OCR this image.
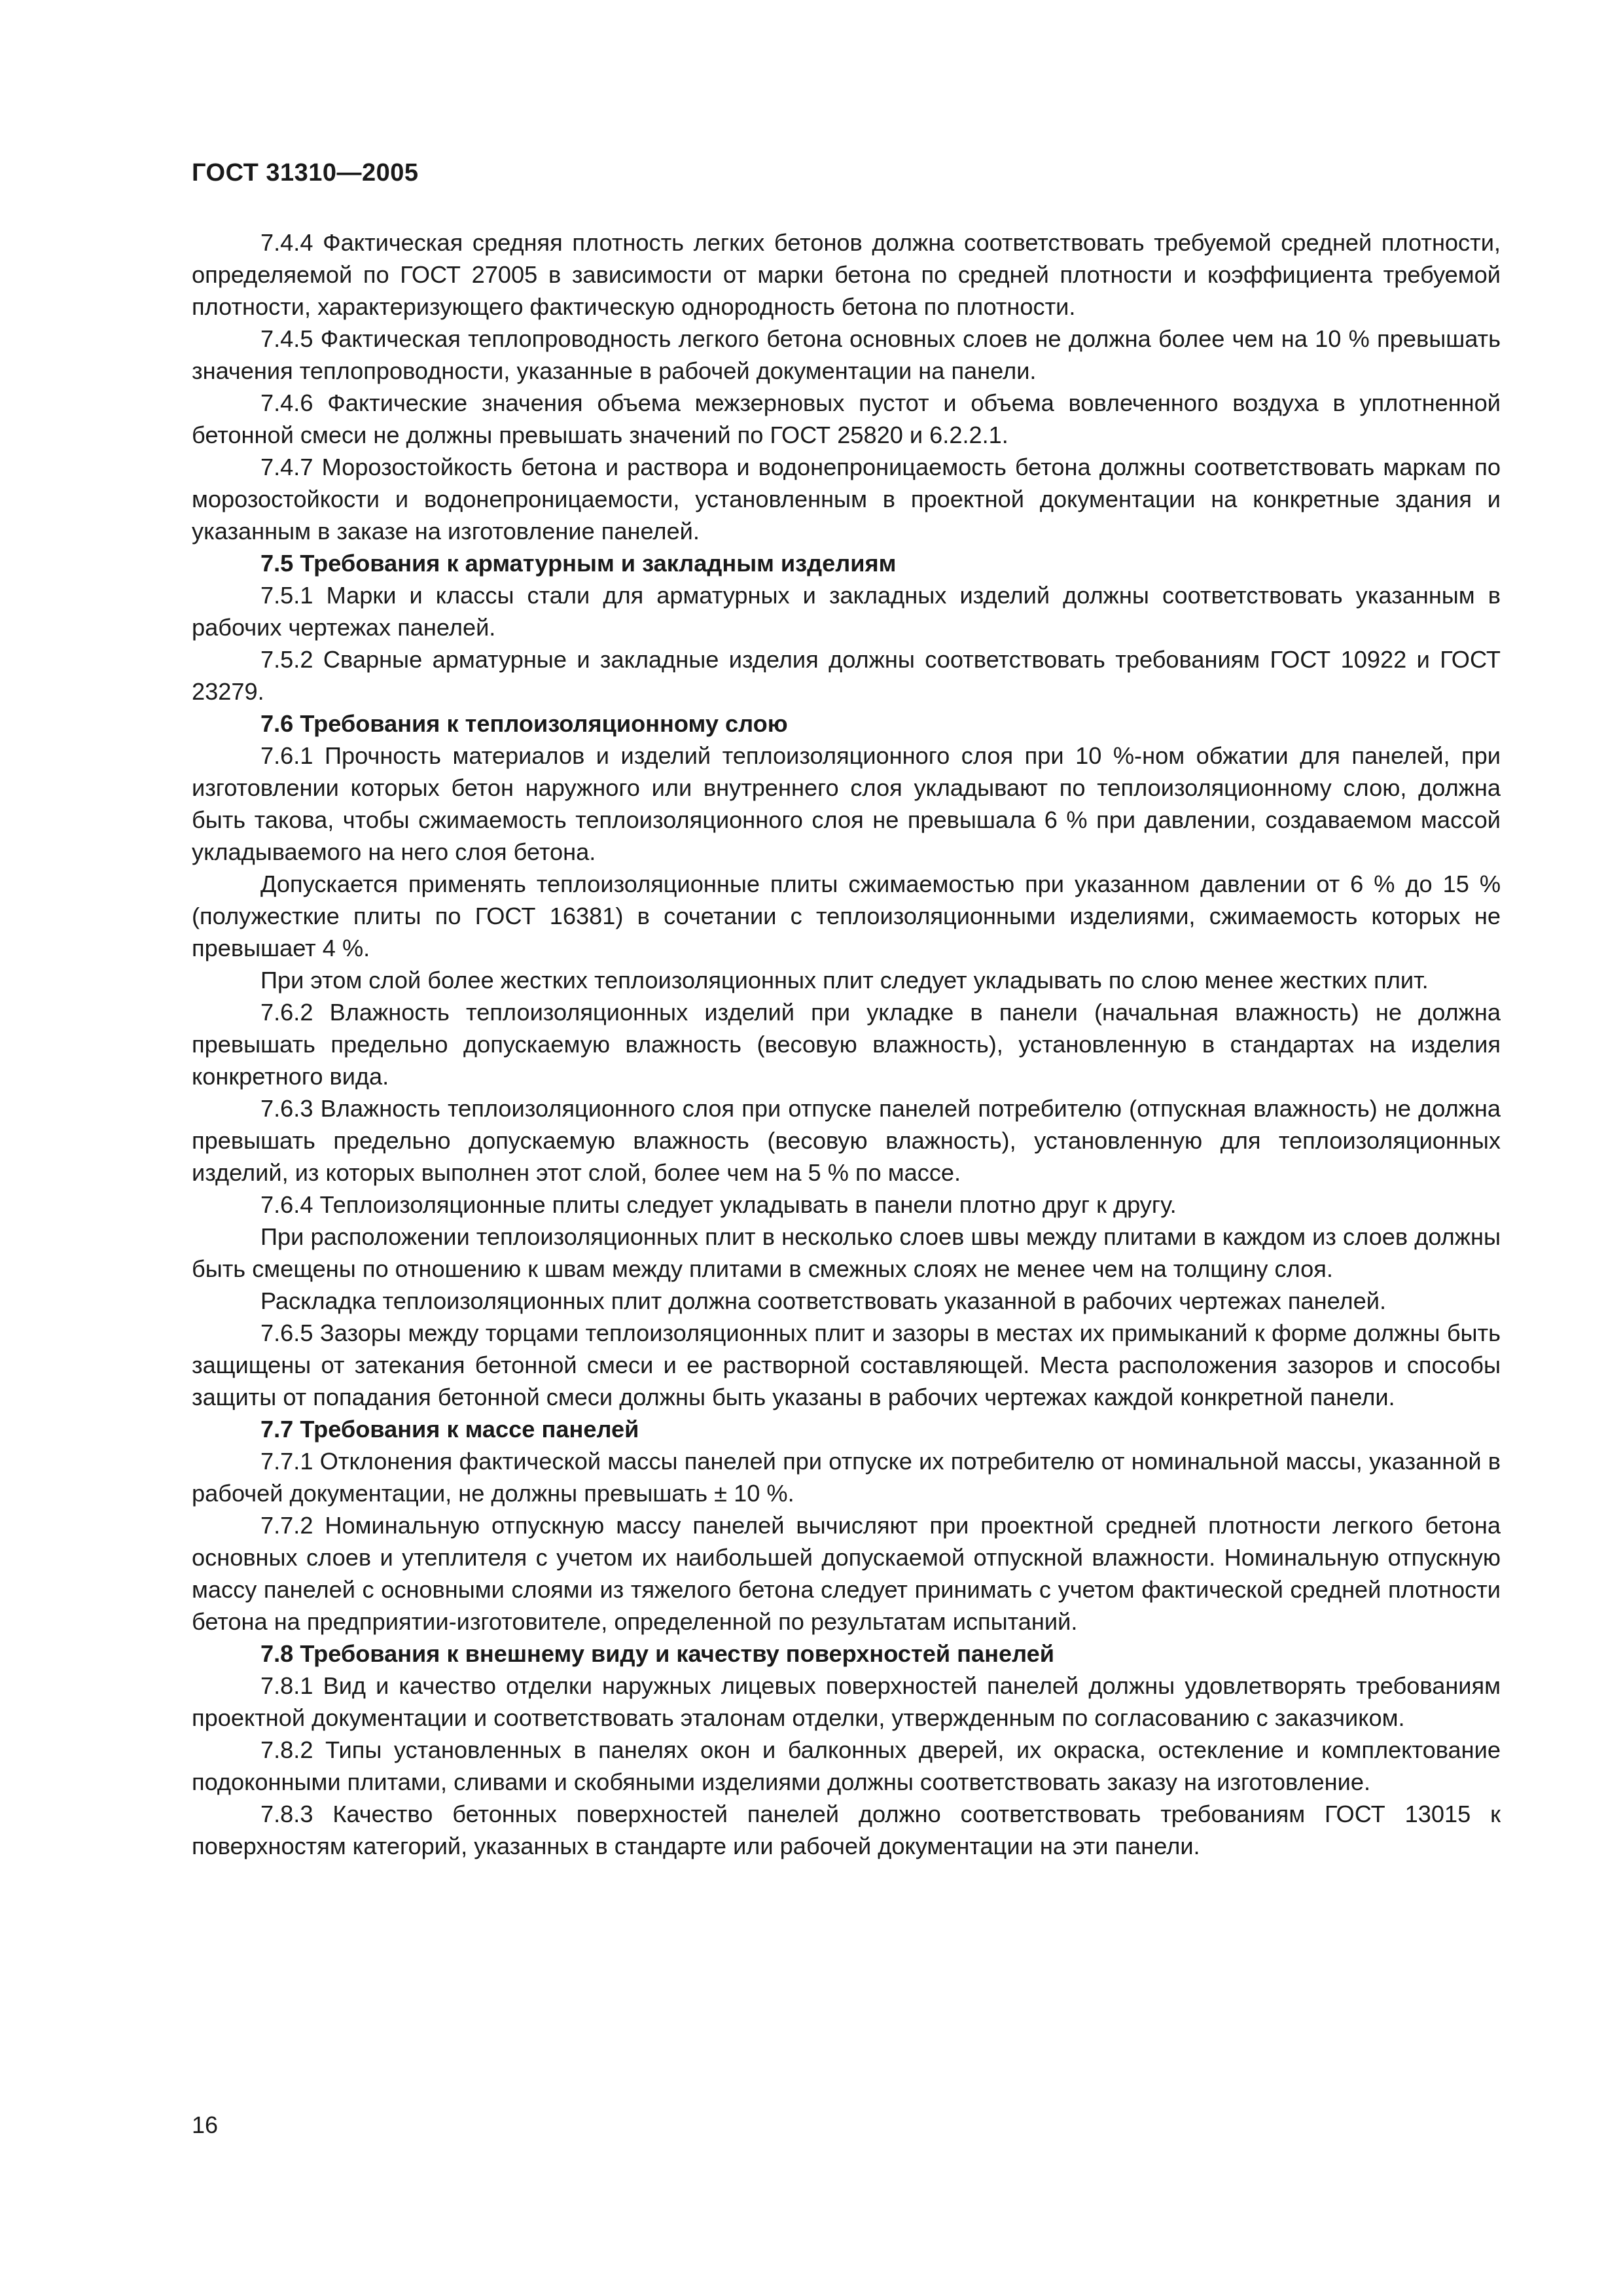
ГОСТ 31310—2005

7.4.4 Фактическая средняя плотность легких бетонов должна соответствовать требуемой средней плотности, определяемой по ГОСТ 27005 в зависимости от марки бетона по средней плотности и коэффициента требуемой плотности, характеризующего фактическую однородность бетона по плотности.

7.4.5 Фактическая теплопроводность легкого бетона основных слоев не должна более чем на 10 % превышать значения теплопроводности, указанные в рабочей документации на панели.

7.4.6 Фактические значения объема межзерновых пустот и объема вовлеченного воздуха в уплотненной бетонной смеси не должны превышать значений по ГОСТ 25820 и 6.2.2.1.

7.4.7 Морозостойкость бетона и раствора и водонепроницаемость бетона должны соответствовать маркам по морозостойкости и водонепроницаемости, установленным в проектной документации на конкретные здания и указанным в заказе на изготовление панелей.

7.5 Требования к арматурным и закладным изделиям

7.5.1 Марки и классы стали для арматурных и закладных изделий должны соответствовать указанным в рабочих чертежах панелей.

7.5.2 Сварные арматурные и закладные изделия должны соответствовать требованиям ГОСТ 10922 и ГОСТ 23279.

7.6 Требования к теплоизоляционному слою

7.6.1 Прочность материалов и изделий теплоизоляционного слоя при 10 %-ном обжатии для панелей, при изготовлении которых бетон наружного или внутреннего слоя укладывают по теплоизоляционному слою, должна быть такова, чтобы сжимаемость теплоизоляционного слоя не превышала 6 % при давлении, создаваемом массой укладываемого на него слоя бетона.

Допускается применять теплоизоляционные плиты сжимаемостью при указанном давлении от 6 % до 15 % (полужесткие плиты по ГОСТ 16381) в сочетании с теплоизоляционными изделиями, сжимаемость которых не превышает 4 %.

При этом слой более жестких теплоизоляционных плит следует укладывать по слою менее жестких плит.

7.6.2 Влажность теплоизоляционных изделий при укладке в панели (начальная влажность) не должна превышать предельно допускаемую влажность (весовую влажность), установленную в стандартах на изделия конкретного вида.

7.6.3 Влажность теплоизоляционного слоя при отпуске панелей потребителю (отпускная влажность) не должна превышать предельно допускаемую влажность (весовую влажность), установленную для теплоизоляционных изделий, из которых выполнен этот слой, более чем на 5 % по массе.

7.6.4 Теплоизоляционные плиты следует укладывать в панели плотно друг к другу.

При расположении теплоизоляционных плит в несколько слоев швы между плитами в каждом из слоев должны быть смещены по отношению к швам между плитами в смежных слоях не менее чем на толщину слоя.

Раскладка теплоизоляционных плит должна соответствовать указанной в рабочих чертежах панелей.

7.6.5 Зазоры между торцами теплоизоляционных плит и зазоры в местах их примыканий к форме должны быть защищены от затекания бетонной смеси и ее растворной составляющей. Места расположения зазоров и способы защиты от попадания бетонной смеси должны быть указаны в рабочих чертежах каждой конкретной панели.

7.7 Требования к массе панелей

7.7.1 Отклонения фактической массы панелей при отпуске их потребителю от номинальной массы, указанной в рабочей документации, не должны превышать ± 10 %.

7.7.2 Номинальную отпускную массу панелей вычисляют при проектной средней плотности легкого бетона основных слоев и утеплителя с учетом их наибольшей допускаемой отпускной влажности. Номинальную отпускную массу панелей с основными слоями из тяжелого бетона следует принимать с учетом фактической средней плотности бетона на предприятии-изготовителе, определенной по результатам испытаний.

7.8 Требования к внешнему виду и качеству поверхностей панелей

7.8.1 Вид и качество отделки наружных лицевых поверхностей панелей должны удовлетворять требованиям проектной документации и соответствовать эталонам отделки, утвержденным по согласованию с заказчиком.

7.8.2 Типы установленных в панелях окон и балконных дверей, их окраска, остекление и комплектование подоконными плитами, сливами и скобяными изделиями должны соответствовать заказу на изготовление.

7.8.3 Качество бетонных поверхностей панелей должно соответствовать требованиям ГОСТ 13015 к поверхностям категорий, указанных в стандарте или рабочей документации на эти панели.

16
